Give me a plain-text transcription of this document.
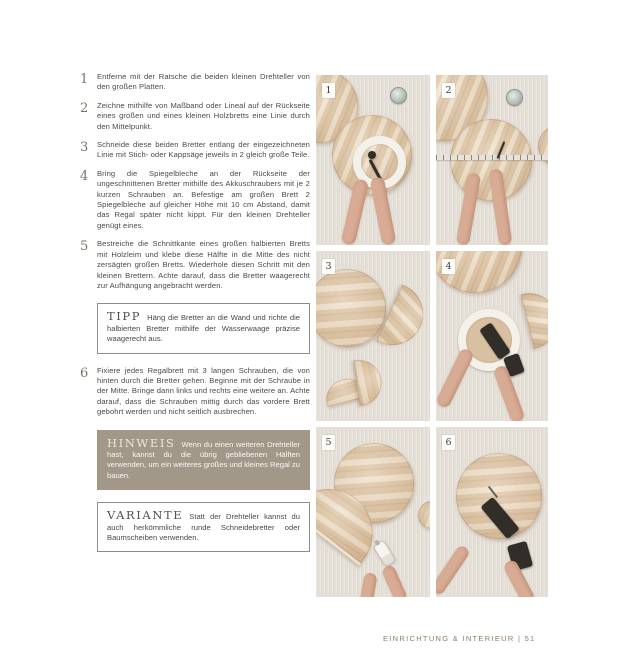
1	Entferne mit der Ratsche die beiden kleinen Drehteller von den großen Platten.
2	Zeichne mithilfe von Maßband oder Lineal auf der Rückseite eines großen und eines kleinen Holzbretts eine Linie durch den Mittelpunkt.
3	Schneide diese beiden Bretter entlang der eingezeichneten Linie mit Stich- oder Kappsäge jeweils in 2 gleich große Teile.
4	Bring die Spiegelbleche an der Rückseite der ungeschnittenen Bretter mithilfe des Akkuschraubers mit je 2 kurzen Schrauben an. Befestige am großen Brett 2 Spiegelbleche auf gleicher Höhe mit 10 cm Abstand, damit das Regal später nicht kippt. Für den kleinen Drehteller genügt eines.
5	Bestreiche die Schnittkante eines großen halbierten Bretts mit Holzleim und klebe diese Hälfte in die Mitte des nicht zersägten großen Bretts. Wiederhole diesen Schritt mit den kleinen Brettern. Achte darauf, dass die Bretter waagerecht zur Aufhängung angebracht werden.

TIPP Häng die Bretter an die Wand und richte die halbierten Bretter mithilfe der Wasserwaage präzise waagerecht aus.

6	Fixiere jedes Regalbrett mit 3 langen Schrauben, die von hinten durch die Bretter gehen. Beginne mit der Schraube in der Mitte. Bringe dann links und rechts eine weitere an. Achte darauf, dass die Schrauben mittig durch das vordere Brett gebohrt werden und nicht seitlich ausbrechen.

HINWEIS Wenn du einen weiteren Drehteller hast, kannst du die übrig gebliebenen Hälften verwenden, um ein weiteres großes und kleines Regal zu bauen.

VARIANTE Statt der Drehteller kannst du auch herkömmliche runde Schneidebretter oder Baumscheiben verwenden.

1	2
3	4
5	6
EINRICHTUNG & INTERIEUR | 51
